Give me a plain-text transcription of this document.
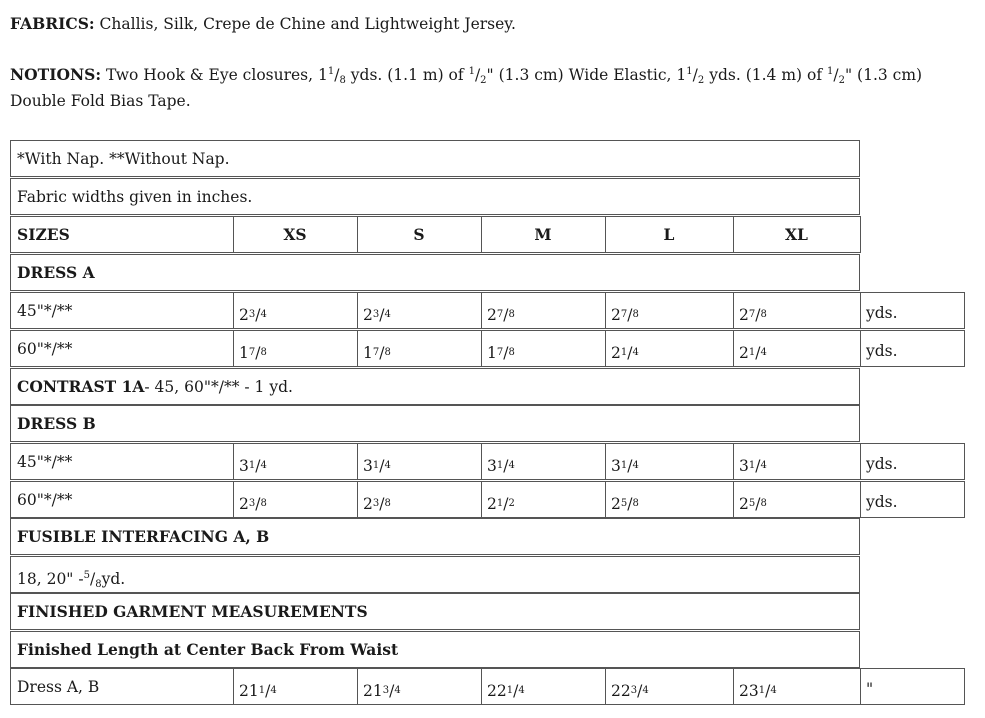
FABRICS: Challis, Silk, Crepe de Chine and Lightweight Jersey.
NOTIONS: Two Hook & Eye closures, $1^1/_8$ yds. (1.1 m) of $^1/_2$" (1.3 cm) Wide Elastic, $1^1/_2$ yds. (1.4 m) of $^1/_2$" (1.3 cm) Double Fold Bias Tape.
*With Nap. **Without Nap.
Fabric widths given in inches.
SIZES	XS	S	M	L	XL
DRESS A
45"*/**	2 3 / 4	2 3 / 4	2 7 / 8	2 7 / 8	2 7 / 8	yds.
60"*/**	1 7 / 8	1 7 / 8	1 7 / 8	2 1 / 4	2 1 / 4	yds.
CONTRAST 1A - 45, 60"*/** - 1 yd.
DRESS B
45"*/**	3 1 / 4	3 1 / 4	3 1 / 4	3 1 / 4	3 1 / 4	yds.
60"*/**	2 3 / 8	2 3 / 8	2 1 / 2	2 5 / 8	2 5 / 8	yds.
FUSIBLE INTERFACING A, B
18, 20" - $^5/_8$ yd.
FINISHED GARMENT MEASUREMENTS
Finished Length at Center Back From Waist
Dress A, B	21 1 / 4	21 3 / 4	22 1 / 4	22 3 / 4	23 1 / 4	"
